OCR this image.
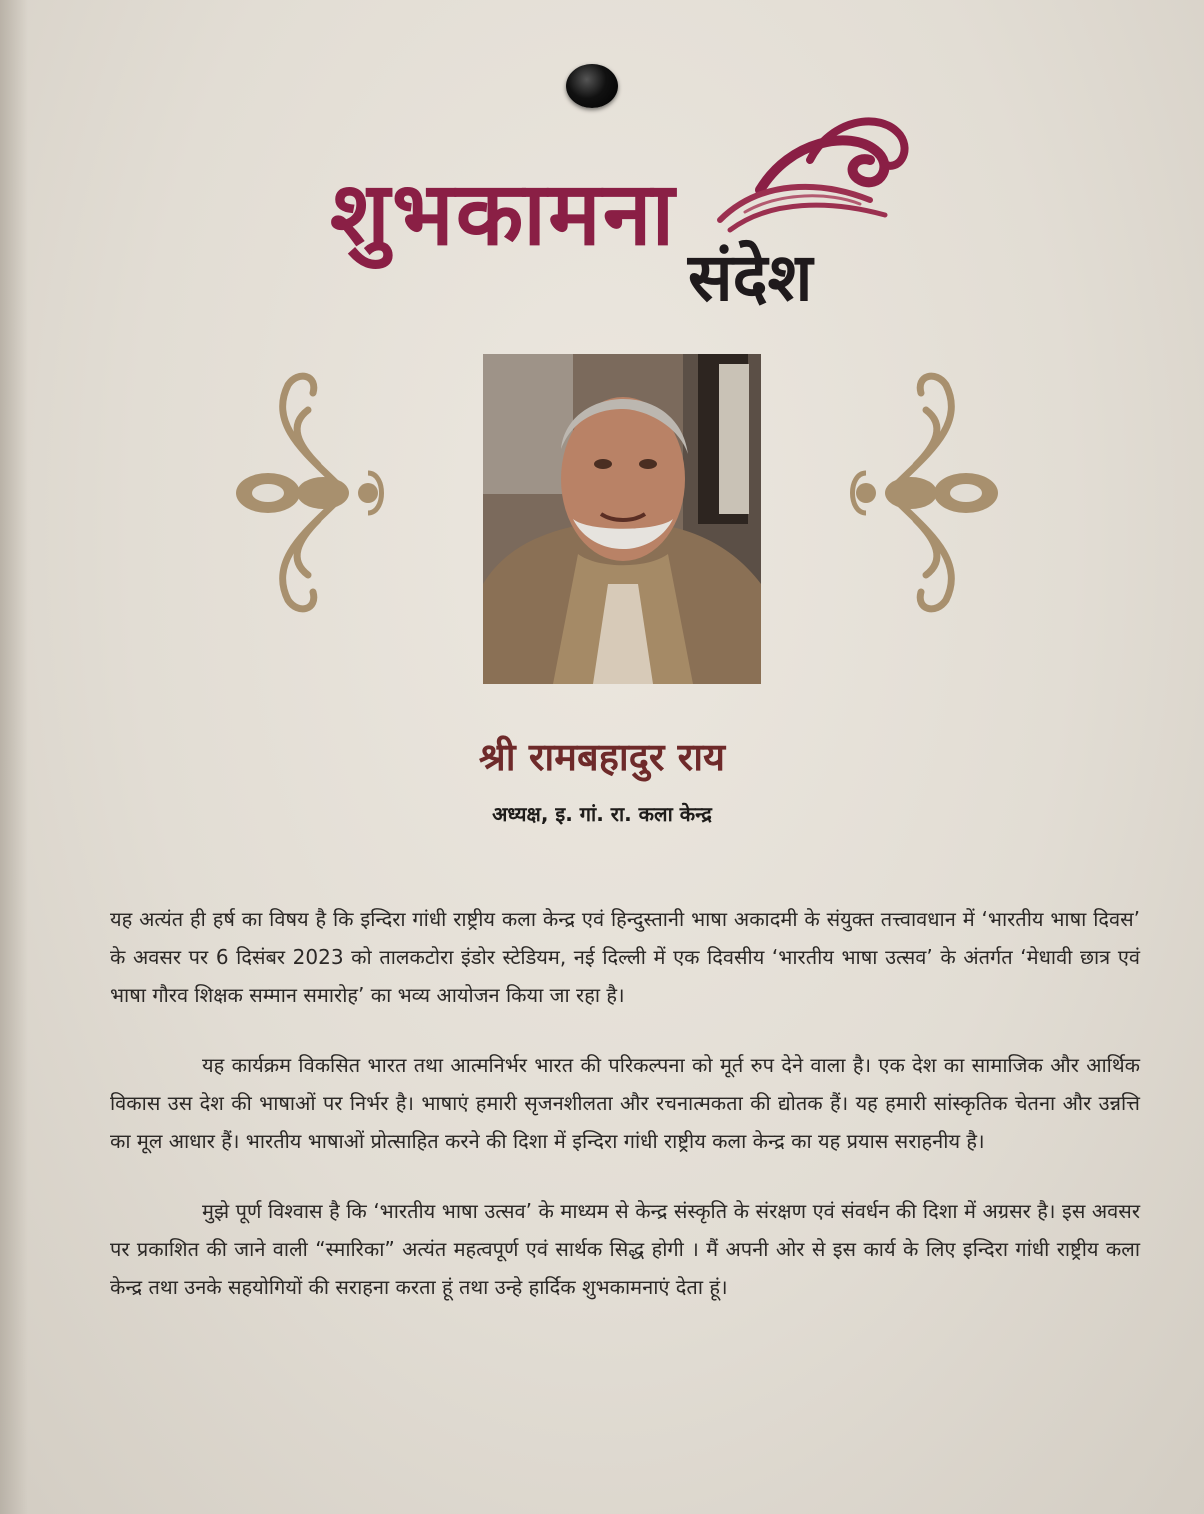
शुभकामना
संदेश
श्री रामबहादुर राय
अध्यक्ष, इ. गां. रा. कला केन्द्र

यह अत्यंत ही हर्ष का विषय है कि इन्दिरा गांधी राष्ट्रीय कला केन्द्र एवं हिन्दुस्तानी भाषा अकादमी के संयुक्त तत्त्वावधान में ‘भारतीय भाषा दिवस’ के अवसर पर 6 दिसंबर 2023 को तालकटोरा इंडोर स्टेडियम, नई दिल्ली में एक दिवसीय ‘भारतीय भाषा उत्सव’ के अंतर्गत ‘मेधावी छात्र एवं भाषा गौरव शिक्षक सम्मान समारोह’ का भव्य आयोजन किया जा रहा है।

यह कार्यक्रम विकसित भारत तथा आत्मनिर्भर भारत की परिकल्पना को मूर्त रुप देने वाला है। एक देश का सामाजिक और आर्थिक विकास उस देश की भाषाओं पर निर्भर है। भाषाएं हमारी सृजनशीलता और रचनात्मकता की द्योतक हैं। यह हमारी सांस्कृतिक चेतना और उन्नत्ति का मूल आधार हैं। भारतीय भाषाओं प्रोत्साहित करने की दिशा में इन्दिरा गांधी राष्ट्रीय कला केन्द्र का यह प्रयास सराहनीय है।

मुझे पूर्ण विश्वास है कि ‘भारतीय भाषा उत्सव’ के माध्यम से केन्द्र संस्कृति के संरक्षण एवं संवर्धन की दिशा में अग्रसर है। इस अवसर पर प्रकाशित की जाने वाली “स्मारिका” अत्यंत महत्वपूर्ण एवं सार्थक सिद्ध होगी । मैं अपनी ओर से इस कार्य के लिए इन्दिरा गांधी राष्ट्रीय कला केन्द्र तथा उनके सहयोगियों की सराहना करता हूं तथा उन्हे हार्दिक शुभकामनाएं देता हूं।
